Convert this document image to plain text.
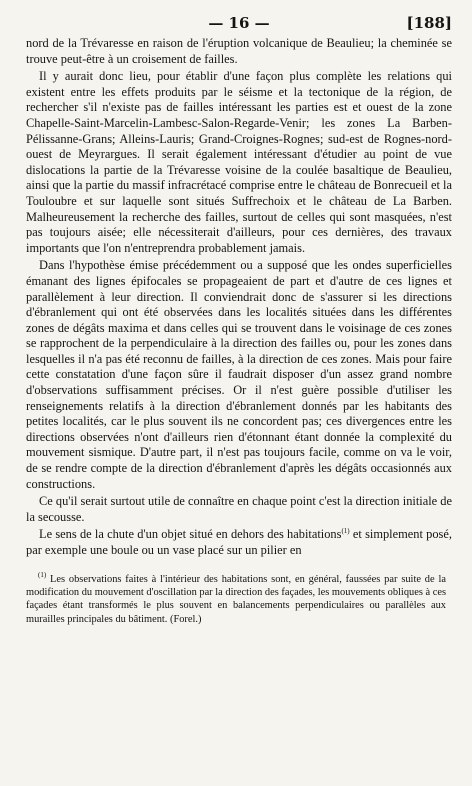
— 16 —	[188]

nord de la Trévaresse en raison de l'éruption volcanique de Beaulieu; la cheminée se trouve peut-être à un croisement de failles.

Il y aurait donc lieu, pour établir d'une façon plus complète les relations qui existent entre les effets produits par le séisme et la tectonique de la région, de rechercher s'il n'existe pas de failles intéressant les parties est et ouest de la zone Chapelle-Saint-Marcelin-Lambesc-Salon-Regarde-Venir; les zones La Barben-Pélissanne-Grans; Alleins-Lauris; Grand-Croignes-Rognes; sud-est de Rognes-nord-ouest de Meyrargues. Il serait également intéressant d'étudier au point de vue dislocations la partie de la Trévaresse voisine de la coulée basaltique de Beaulieu, ainsi que la partie du massif infracrétacé comprise entre le château de Bonrecueil et la Touloubre et sur laquelle sont situés Suffrechoix et le château de La Barben. Malheureusement la recherche des failles, surtout de celles qui sont masquées, n'est pas toujours aisée; elle nécessiterait d'ailleurs, pour ces dernières, des travaux importants que l'on n'entreprendra probablement jamais.

Dans l'hypothèse émise précédemment ou a supposé que les ondes superficielles émanant des lignes épifocales se propageaient de part et d'autre de ces lignes et parallèlement à leur direction. Il conviendrait donc de s'assurer si les directions d'ébranlement qui ont été observées dans les localités situées dans les différentes zones de dégâts maxima et dans celles qui se trouvent dans le voisinage de ces zones se rapprochent de la perpendiculaire à la direction des failles ou, pour les zones dans lesquelles il n'a pas été reconnu de failles, à la direction de ces zones. Mais pour faire cette constatation d'une façon sûre il faudrait disposer d'un assez grand nombre d'observations suffisamment précises. Or il n'est guère possible d'utiliser les renseignements relatifs à la direction d'ébranlement donnés par les habitants des petites localités, car le plus souvent ils ne concordent pas; ces divergences entre les directions observées n'ont d'ailleurs rien d'étonnant étant donnée la complexité du mouvement sismique. D'autre part, il n'est pas toujours facile, comme on va le voir, de se rendre compte de la direction d'ébranlement d'après les dégâts occasionnés aux constructions.

Ce qu'il serait surtout utile de connaître en chaque point c'est la direction initiale de la secousse.

Le sens de la chute d'un objet situé en dehors des habitations$^{(1)}$ et simplement posé, par exemple une boule ou un vase placé sur un pilier en

$^{(1)}$ Les observations faites à l'intérieur des habitations sont, en général, faussées par suite de la modification du mouvement d'oscillation par la direction des façades, les mouvements obliques à ces façades étant transformés le plus souvent en balancements perpendiculaires ou parallèles aux murailles principales du bâtiment. (Forel.)
